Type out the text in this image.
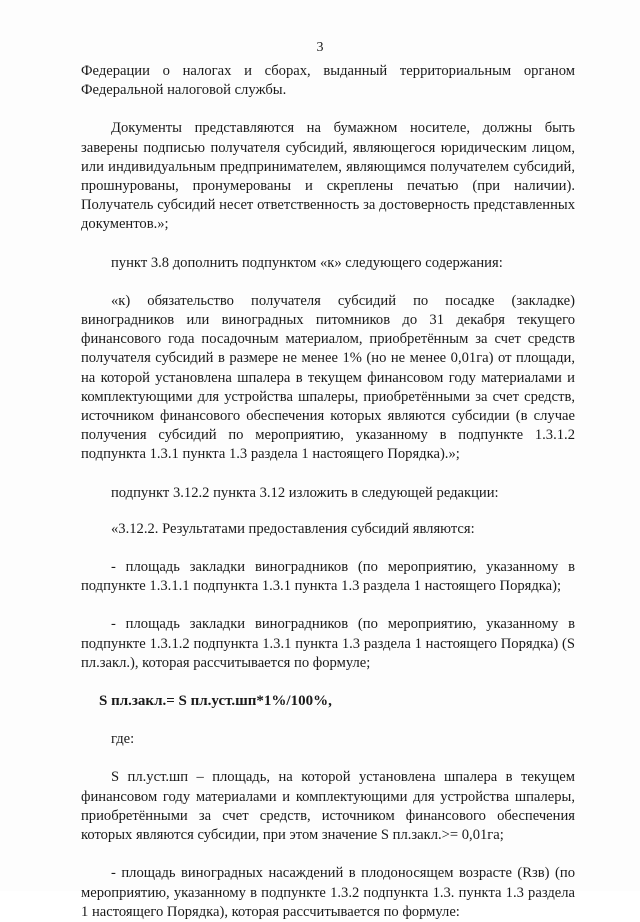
3

Федерации о налогах и сборах, выданный территориальным органом Федеральной налоговой службы.

Документы представляются на бумажном носителе, должны быть заверены подписью получателя субсидий, являющегося юридическим лицом, или индивидуальным предпринимателем, являющимся получателем субсидий, прошнурованы, пронумерованы и скреплены печатью (при наличии). Получатель субсидий несет ответственность за достоверность представленных документов.»;

пункт 3.8 дополнить подпунктом «к» следующего содержания:

«к) обязательство получателя субсидий по посадке (закладке) виноградников или виноградных питомников до 31 декабря текущего финансового года посадочным материалом, приобретённым за счет средств получателя субсидий в размере не менее 1% (но не менее 0,01га) от площади, на которой установлена шпалера в текущем финансовом году материалами и комплектующими для устройства шпалеры, приобретёнными за счет средств, источником финансового обеспечения которых являются субсидии (в случае получения субсидий по мероприятию, указанному в подпункте 1.3.1.2 подпункта 1.3.1 пункта 1.3 раздела 1 настоящего Порядка).»;

подпункт 3.12.2 пункта 3.12 изложить в следующей редакции:

«3.12.2. Результатами предоставления субсидий являются:

- площадь закладки виноградников (по мероприятию, указанному в подпункте 1.3.1.1 подпункта 1.3.1 пункта 1.3 раздела 1 настоящего Порядка);

- площадь закладки виноградников (по мероприятию, указанному в подпункте 1.3.1.2 подпункта 1.3.1 пункта 1.3 раздела 1 настоящего Порядка) (S пл.закл.), которая рассчитывается по формуле;

S пл.закл.= S пл.уст.шп*1%/100%,

где:

S пл.уст.шп – площадь, на которой установлена шпалера в текущем финансовом году материалами и комплектующими для устройства шпалеры, приобретёнными за счет средств, источником финансового обеспечения которых являются субсидии, при этом значение S пл.закл.>= 0,01га;

- площадь виноградных насаждений в плодоносящем возрасте (Rзв) (по мероприятию, указанному в подпункте 1.3.2 подпункта 1.3. пункта 1.3 раздела 1 настоящего Порядка), которая рассчитывается по формуле:
